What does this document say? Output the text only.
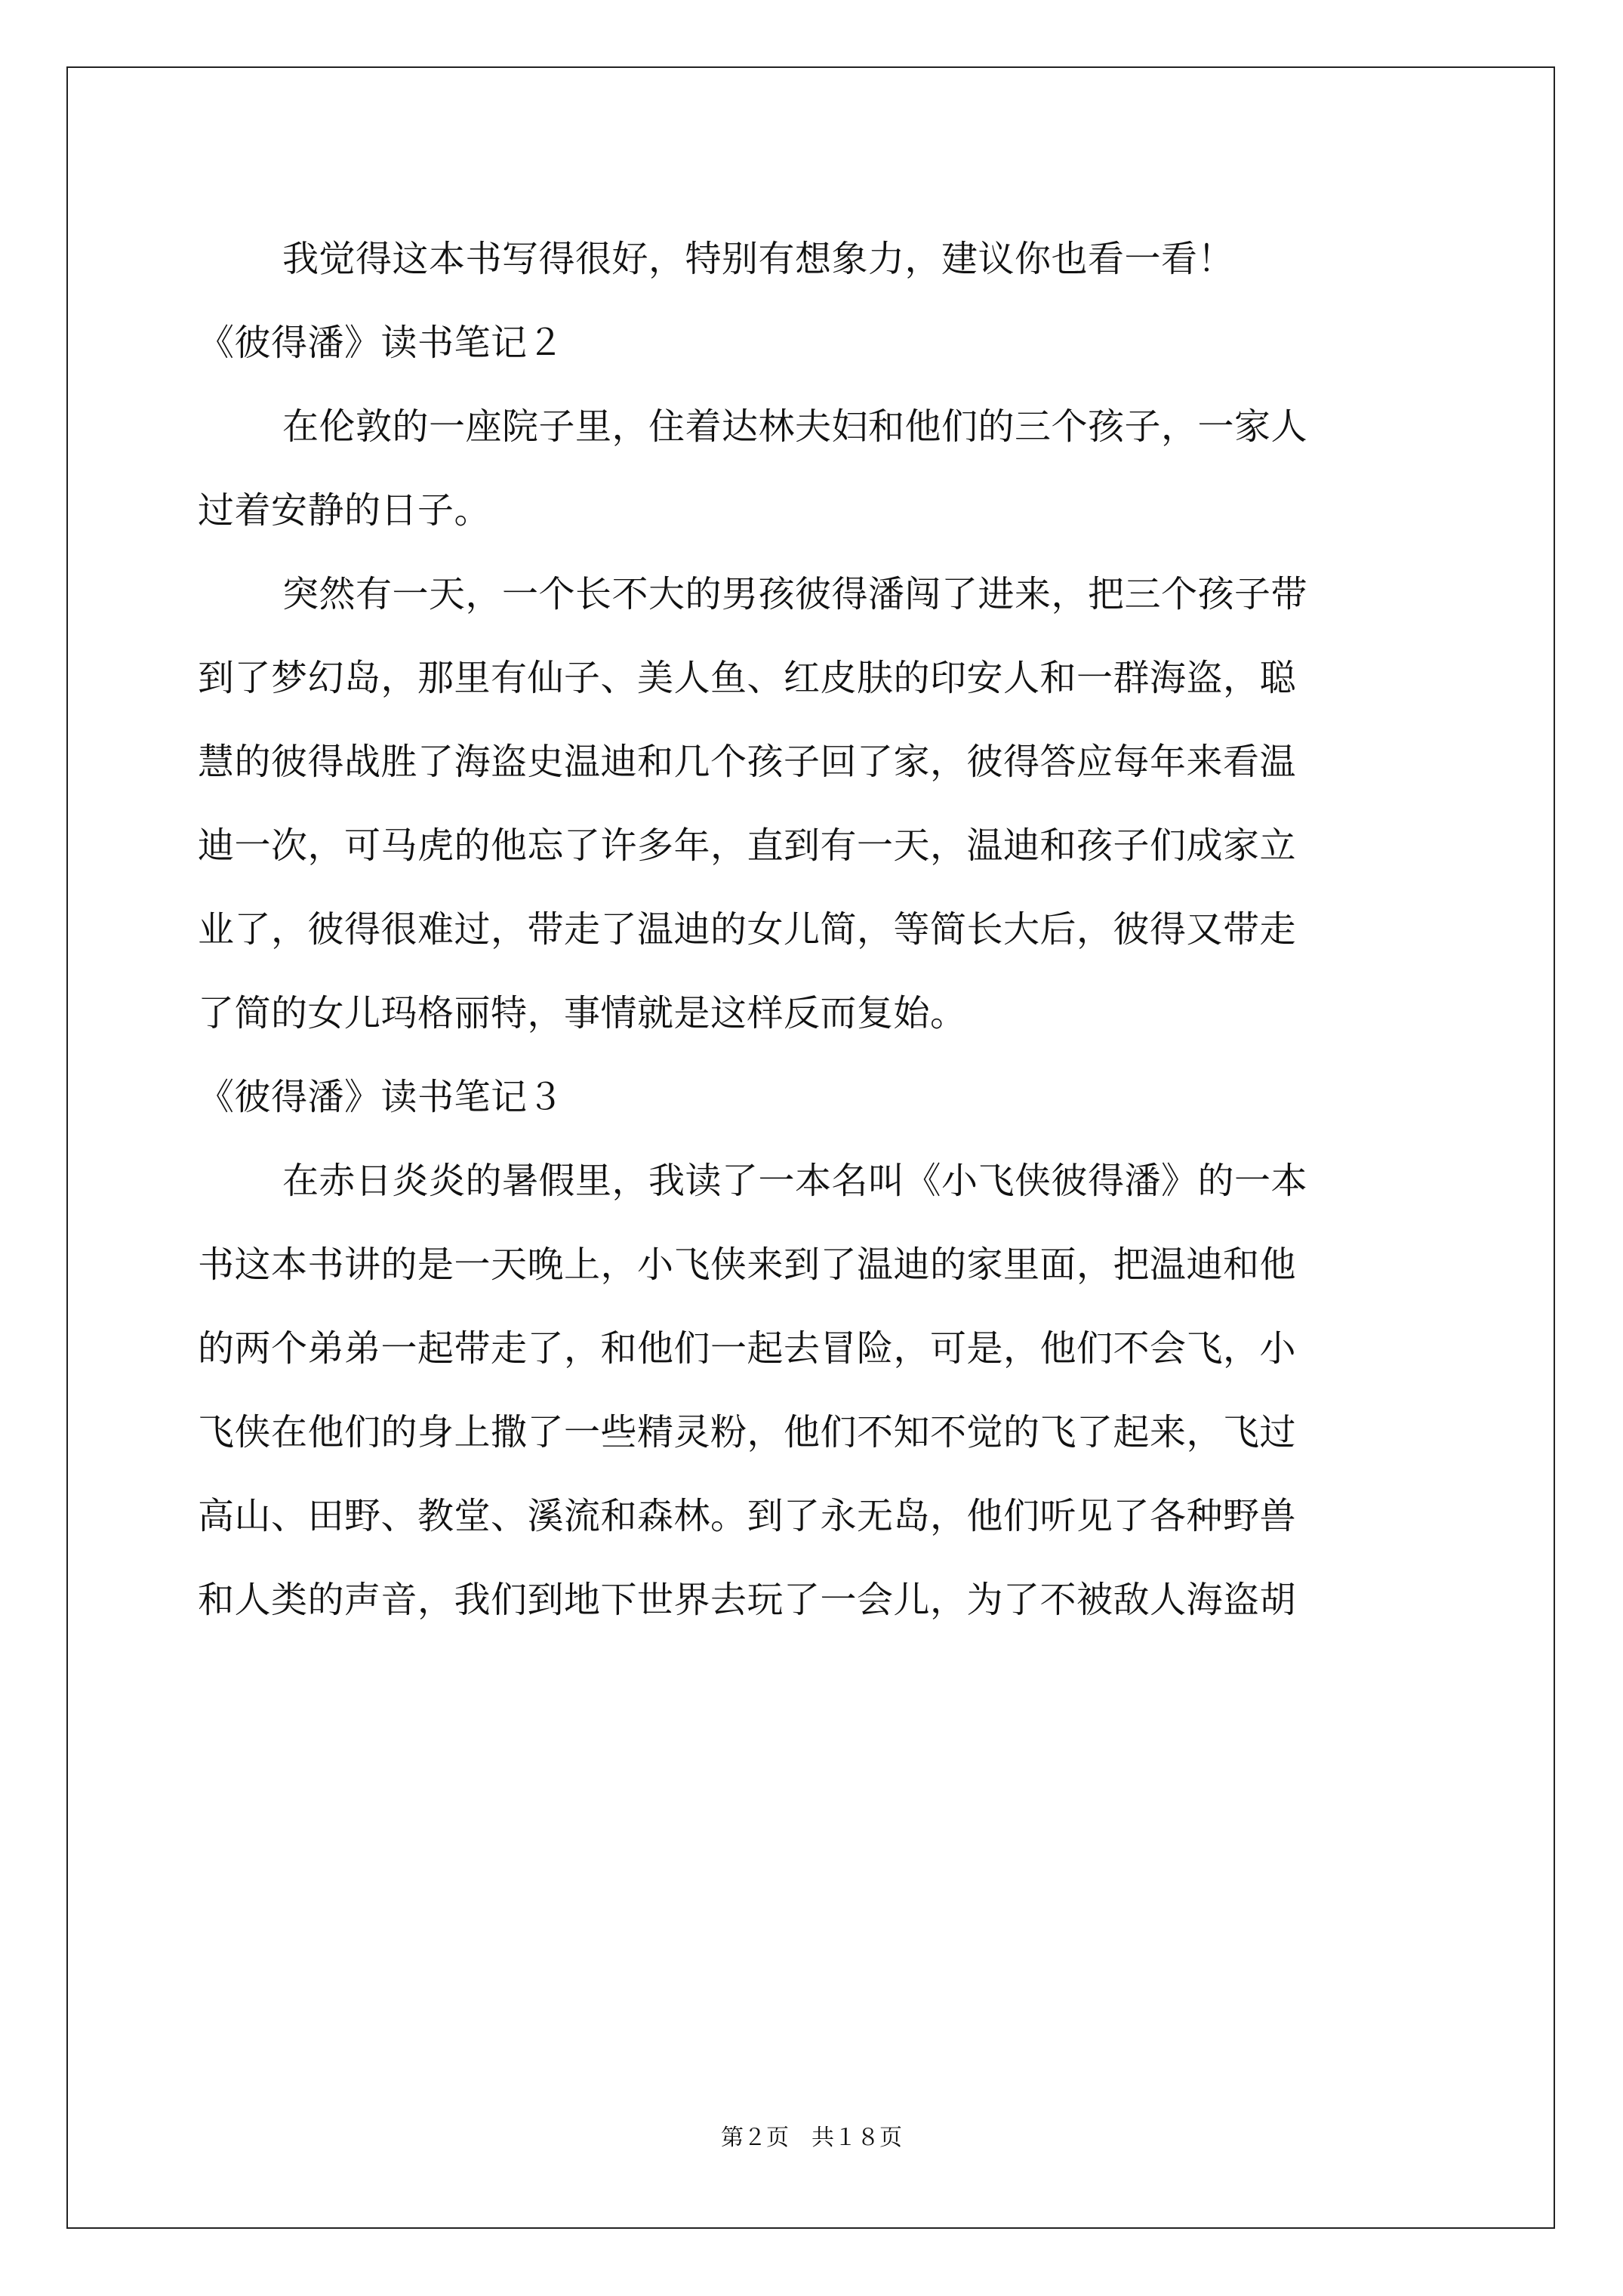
我觉得这本书写得很好，特别有想象力，建议你也看一看！
《彼得潘》读书笔记２
在伦敦的一座院子里，住着达林夫妇和他们的三个孩子，一家人
过着安静的日子。
突然有一天，一个长不大的男孩彼得潘闯了进来，把三个孩子带
到了梦幻岛，那里有仙子、美人鱼、红皮肤的印安人和一群海盗，聪
慧的彼得战胜了海盗史温迪和几个孩子回了家，彼得答应每年来看温
迪一次，可马虎的他忘了许多年，直到有一天，温迪和孩子们成家立
业了，彼得很难过，带走了温迪的女儿简，等简长大后，彼得又带走
了简的女儿玛格丽特，事情就是这样反而复始。
《彼得潘》读书笔记３
在赤日炎炎的暑假里，我读了一本名叫《小飞侠彼得潘》的一本
书这本书讲的是一天晚上，小飞侠来到了温迪的家里面，把温迪和他
的两个弟弟一起带走了，和他们一起去冒险，可是，他们不会飞，小
飞侠在他们的身上撒了一些精灵粉，他们不知不觉的飞了起来，飞过
高山、田野、教堂、溪流和森林。到了永无岛，他们听见了各种野兽
和人类的声音，我们到地下世界去玩了一会儿，为了不被敌人海盗胡
第２页　共１８页
